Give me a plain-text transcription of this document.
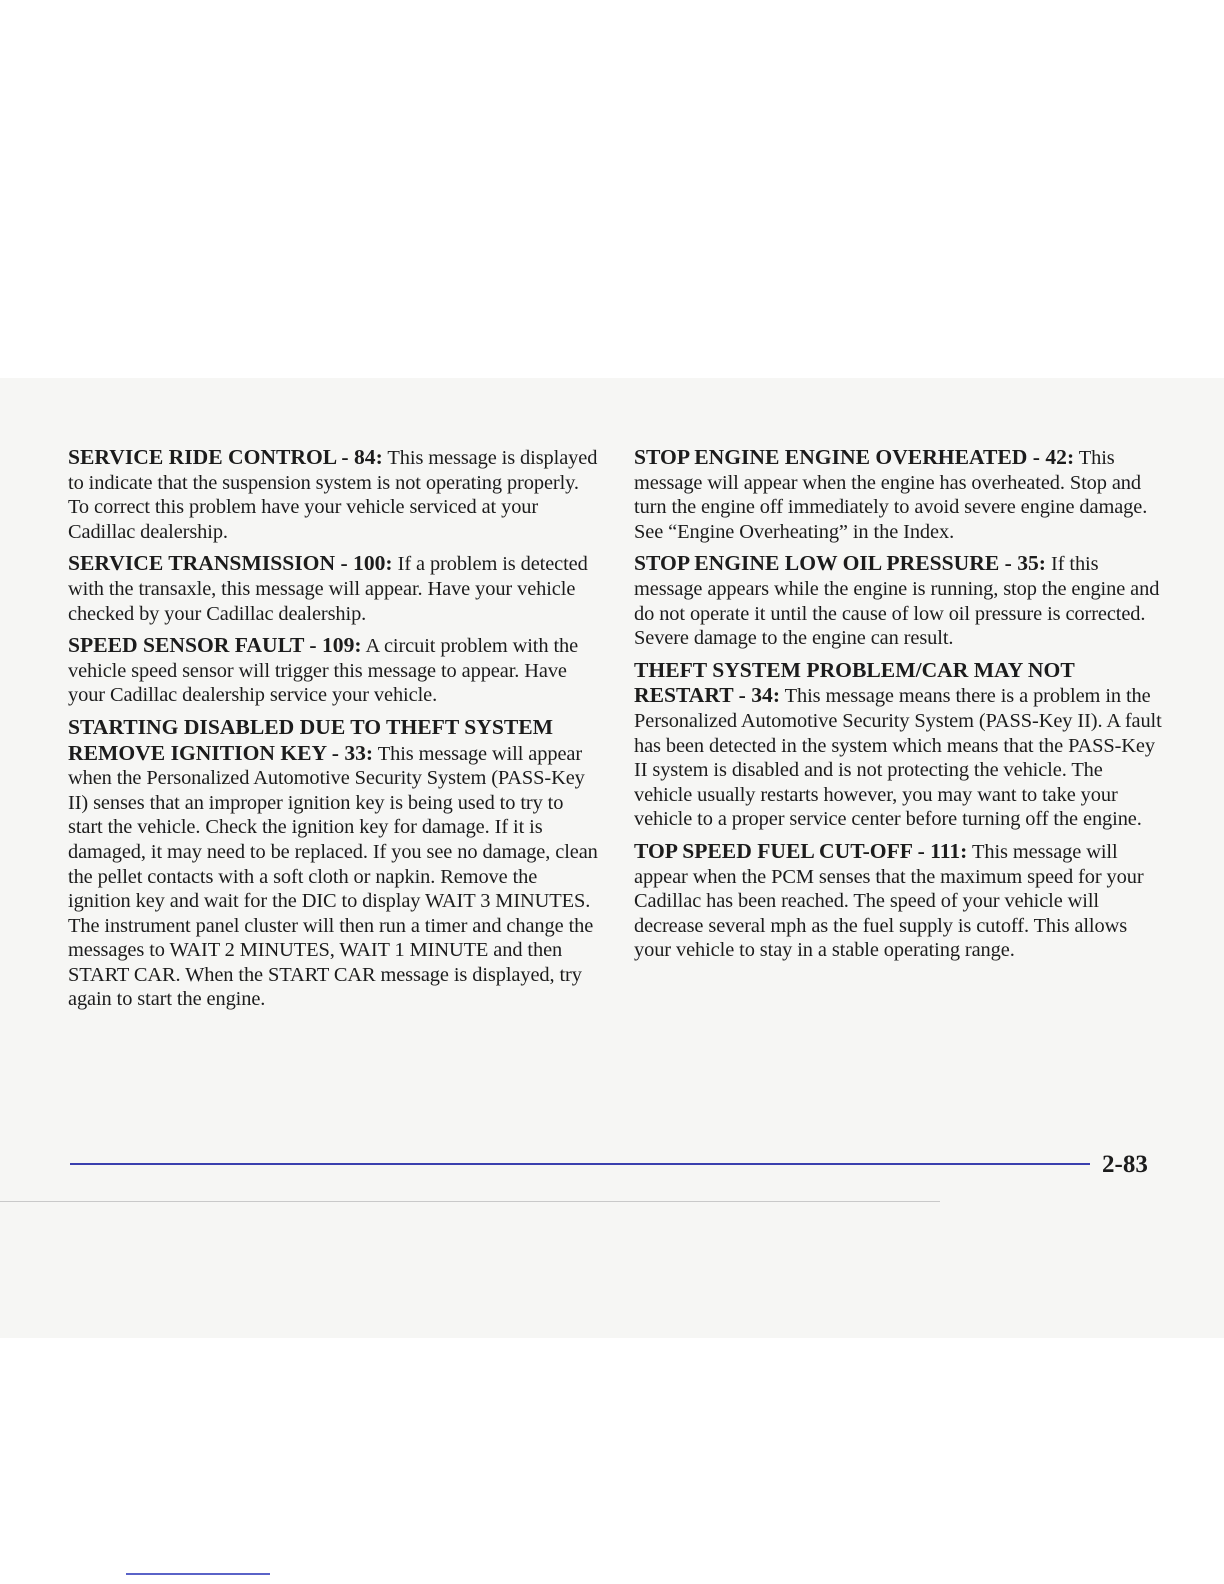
SERVICE RIDE CONTROL - 84: This message is displayed to indicate that the suspension system is not operating properly. To correct this problem have your vehicle serviced at your Cadillac dealership.

SERVICE TRANSMISSION - 100: If a problem is detected with the transaxle, this message will appear. Have your vehicle checked by your Cadillac dealership.

SPEED SENSOR FAULT - 109: A circuit problem with the vehicle speed sensor will trigger this message to appear. Have your Cadillac dealership service your vehicle.

STARTING DISABLED DUE TO THEFT SYSTEM REMOVE IGNITION KEY - 33: This message will appear when the Personalized Automotive Security System (PASS-Key II) senses that an improper ignition key is being used to try to start the vehicle. Check the ignition key for damage. If it is damaged, it may need to be replaced. If you see no damage, clean the pellet contacts with a soft cloth or napkin. Remove the ignition key and wait for the DIC to display WAIT 3 MINUTES. The instrument panel cluster will then run a timer and change the messages to WAIT 2 MINUTES, WAIT 1 MINUTE and then START CAR. When the START CAR message is displayed, try again to start the engine.

STOP ENGINE ENGINE OVERHEATED - 42: This message will appear when the engine has overheated. Stop and turn the engine off immediately to avoid severe engine damage. See “Engine Overheating” in the Index.

STOP ENGINE LOW OIL PRESSURE - 35: If this message appears while the engine is running, stop the engine and do not operate it until the cause of low oil pressure is corrected. Severe damage to the engine can result.

THEFT SYSTEM PROBLEM/CAR MAY NOT RESTART - 34: This message means there is a problem in the Personalized Automotive Security System (PASS-Key II). A fault has been detected in the system which means that the PASS-Key II system is disabled and is not protecting the vehicle. The vehicle usually restarts however, you may want to take your vehicle to a proper service center before turning off the engine.

TOP SPEED FUEL CUT-OFF - 111: This message will appear when the PCM senses that the maximum speed for your Cadillac has been reached. The speed of your vehicle will decrease several mph as the fuel supply is cutoff. This allows your vehicle to stay in a stable operating range.

2-83
